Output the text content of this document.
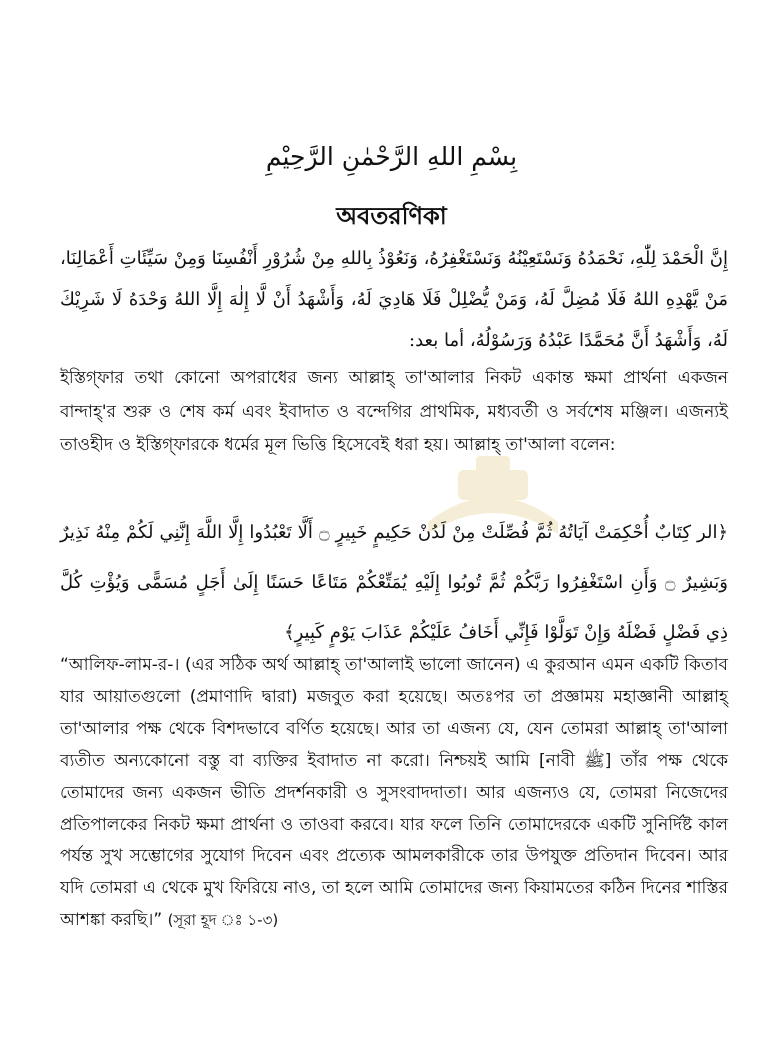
بِسْمِ اللهِ الرَّحْمٰنِ الرَّحِيْمِ
অবতরণিকা
إِنَّ الْحَمْدَ لِلّٰهِ، نَحْمَدُهُ وَنَسْتَعِيْنُهُ وَنَسْتَغْفِرُهُ، وَنَعُوْذُ بِاللهِ مِنْ شُرُوْرِ أَنْفُسِنَا وَمِنْ سَيِّئَاتِ أَعْمَالِنَا، مَنْ يَّهْدِهِ اللهُ فَلَا مُضِلَّ لَهُ، وَمَنْ يُّضْلِلْ فَلَا هَادِيَ لَهُ، وَأَشْهَدُ أَنْ لَّا إِلٰهَ إِلَّا اللهُ وَحْدَهُ لَا شَرِيْكَ لَهُ، وَأَشْهَدُ أَنَّ مُحَمَّدًا عَبْدُهُ وَرَسُوْلُهُ، أما بعد:
ইস্তিগ্‌ফার তথা কোনো অপরাধের জন্য আল্লাহ্‌ তা'আলার নিকট একান্ত ক্ষমা প্রার্থনা একজন বান্দাহ্‌'র শুরু ও শেষ কর্ম এবং ইবাদাত ও বন্দেগির প্রাথমিক, মধ্যবর্তী ও সর্বশেষ মঞ্জিল। এজন্যই তাওহীদ ও ইস্তিগ্‌ফারকে ধর্মের মূল ভিত্তি হিসেবেই ধরা হয়। আল্লাহ্‌ তা'আলা বলেন:
﴿الر كِتَابٌ أُحْكِمَتْ آيَاتُهُ ثُمَّ فُصِّلَتْ مِنْ لَدُنْ حَكِيمٍ خَبِيرٍ ۝ أَلَّا تَعْبُدُوا إِلَّا اللَّهَ إِنَّنِي لَكُمْ مِنْهُ نَذِيرٌ وَبَشِيرٌ ۝ وَأَنِ اسْتَغْفِرُوا رَبَّكُمْ ثُمَّ تُوبُوا إِلَيْهِ يُمَتِّعْكُمْ مَتَاعًا حَسَنًا إِلَىٰ أَجَلٍ مُسَمًّى وَيُؤْتِ كُلَّ ذِي فَضْلٍ فَضْلَهُ وَإِنْ تَوَلَّوْا فَإِنِّي أَخَافُ عَلَيْكُمْ عَذَابَ يَوْمٍ كَبِيرٍ﴾
“আলিফ-লাম-র-। (এর সঠিক অর্থ আল্লাহ্‌ তা'আলাই ভালো জানেন) এ কুরআন এমন একটি কিতাব যার আয়াতগুলো (প্রমাণাদি দ্বারা) মজবুত করা হয়েছে। অতঃপর তা প্রজ্ঞাময় মহাজ্ঞানী আল্লাহ্‌ তা'আলার পক্ষ থেকে বিশদভাবে বর্ণিত হয়েছে। আর তা এজন্য যে, যেন তোমরা আল্লাহ্‌ তা'আলা ব্যতীত অন্যকোনো বস্তু বা ব্যক্তির ইবাদাত না করো। নিশ্চয়ই আমি [নাবী ﷺ] তাঁর পক্ষ থেকে তোমাদের জন্য একজন ভীতি প্রদর্শনকারী ও সুসংবাদদাতা। আর এজন্যও যে, তোমরা নিজেদের প্রতিপালকের নিকট ক্ষমা প্রার্থনা ও তাওবা করবে। যার ফলে তিনি তোমাদেরকে একটি সুনির্দিষ্ট কাল পর্যন্ত সুখ সম্ভোগের সুযোগ দিবেন এবং প্রত্যেক আমলকারীকে তার উপযুক্ত প্রতিদান দিবেন। আর যদি তোমরা এ থেকে মুখ ফিরিয়ে নাও, তা হলে আমি তোমাদের জন্য কিয়ামতের কঠিন দিনের শাস্তির আশঙ্কা করছি।” (সূরা হূদ ঃ ১-৩)
